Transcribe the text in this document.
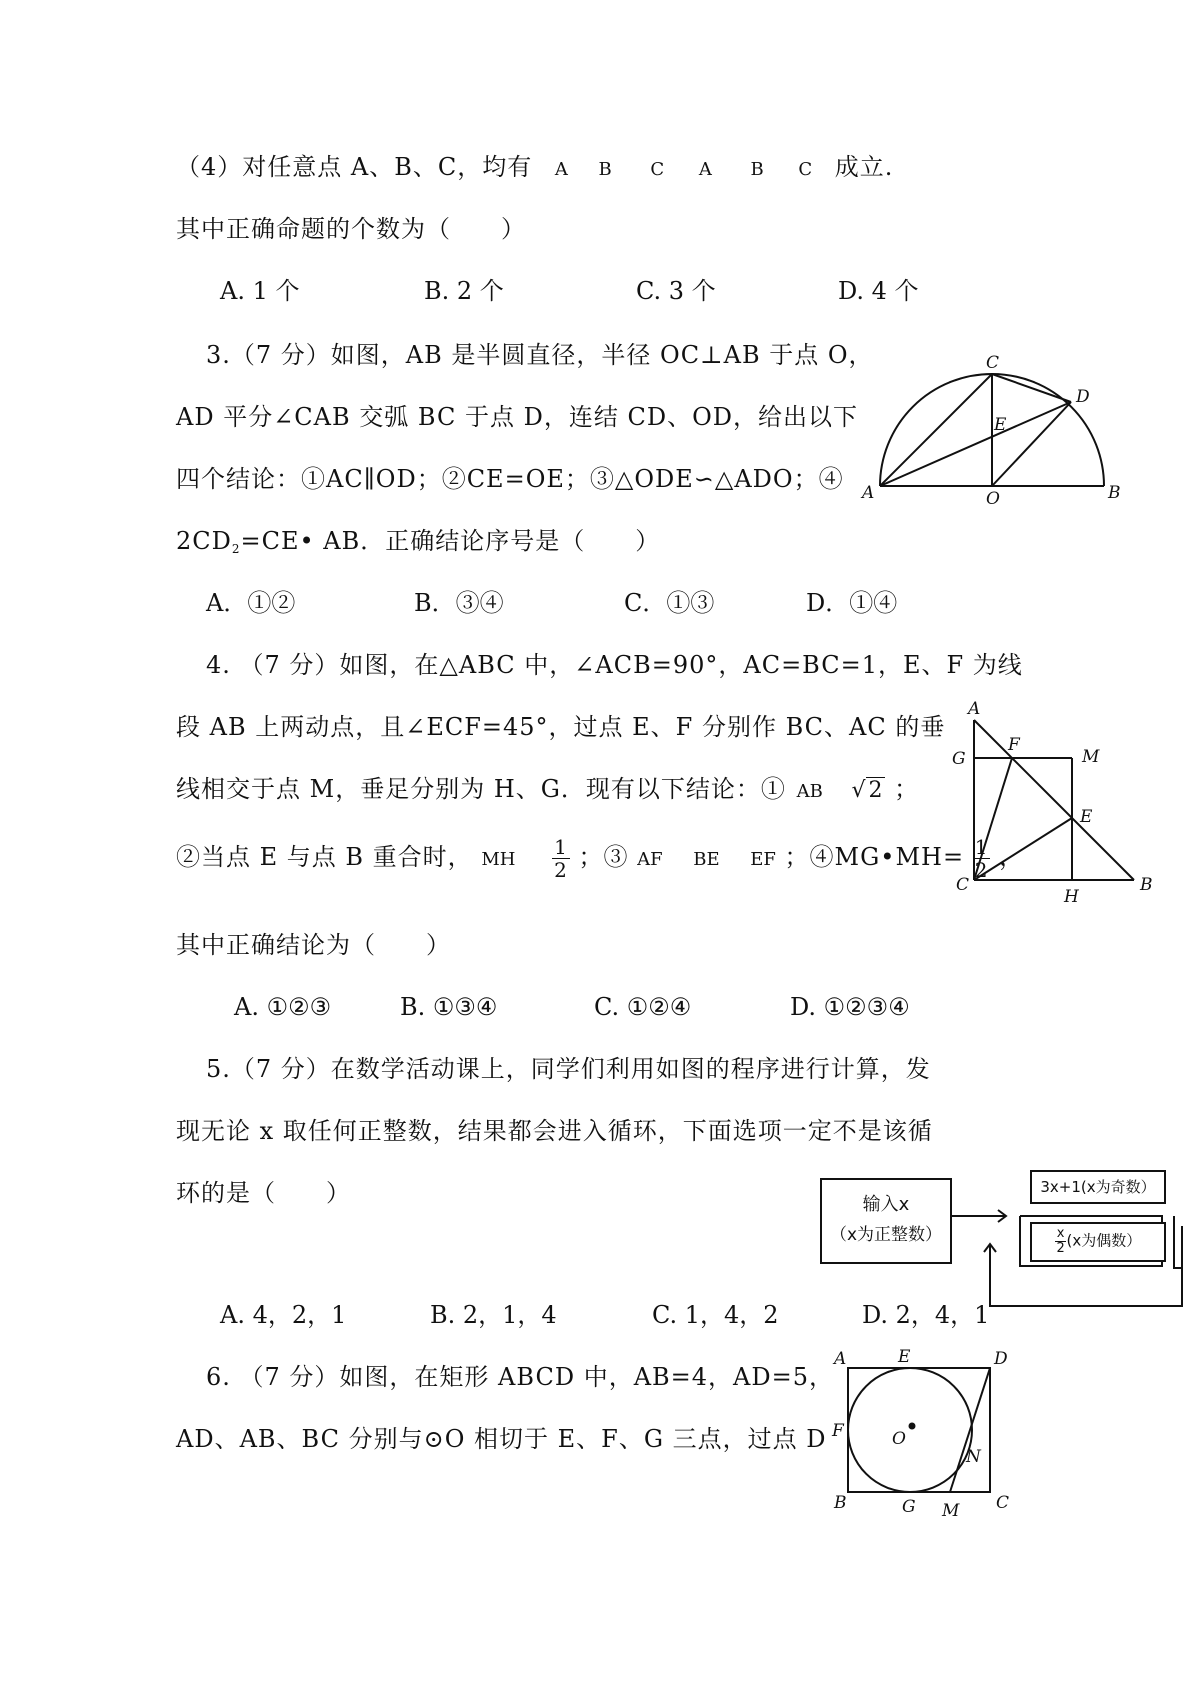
（4）对任意点 A、B、C，均有 A B C A B C 成立.
其中正确命题的个数为（　　）
A. 1 个	B. 2 个	C. 3 个	D. 4 个
3.（7 分）如图，AB 是半圆直径，半径 OC⊥AB 于点 O，
AD 平分∠CAB 交弧 BC 于点 D，连结 CD、OD，给出以下
四个结论：①AC∥OD；②CE=OE；③△ODE∽△ADO；④
2CD2=CE• AB．正确结论序号是（　　）
A．①②	B．③④	C．①③	D．①④
C
D
E
A	O	B
4. （7 分）如图，在△ABC 中，∠ACB=90°，AC=BC=1，E、F 为线
段 AB 上两动点，且∠ECF=45°，过点 E、F 分别作 BC、AC 的垂
线相交于点 M，垂足分别为 H、G．现有以下结论：① AB √2 ；
②当点 E 与点 B 重合时， MH $\frac{1}{2}$ ；③ AF BE EF ；④MG•MH= $\frac{1}{2}$ ，
其中正确结论为（　　）
A. ①②③	B. ①③④	C. ①②④	D. ①②③④
A
G
F
M
E
C
H
B
5.（7 分）在数学活动课上，同学们利用如图的程序进行计算，发
现无论 x 取任何正整数，结果都会进入循环，下面选项一定不是该循
环的是（　　）	输入x
（x为正整数）
3x+1(x为奇数）
$\frac{x}{2} (x$为偶数）
A. 4，2，1	B. 2，1，4	C. 1，4，2	D. 2，4，1
6. （7 分）如图，在矩形 ABCD 中，AB=4，AD=5，
AD、AB、BC 分别与⊙O 相切于 E、F、G 三点，过点 D
A	E	D
F	O
N
B	G M C
